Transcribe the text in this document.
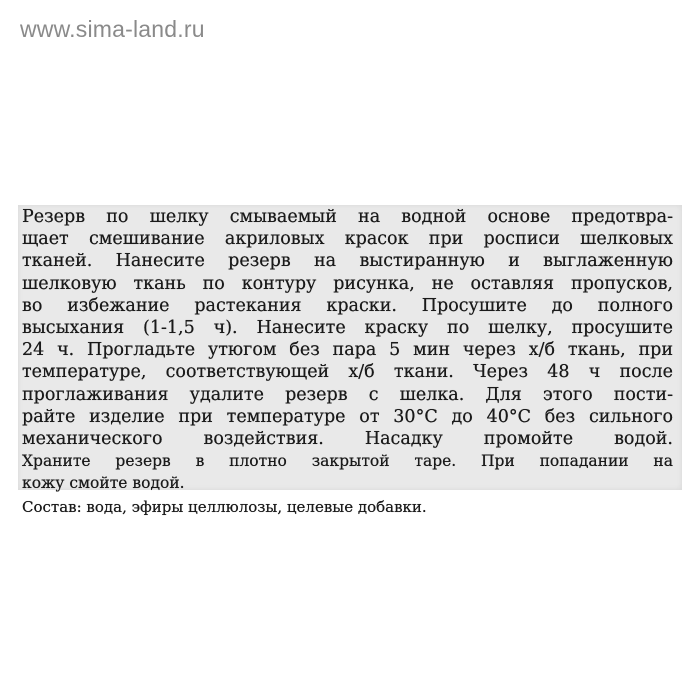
www.sima-land.ru
Резерв по шелку смываемый на водной основе предотвра-
щает смешивание акриловых красок при росписи шелковых
тканей. Нанесите резерв на выстиранную и выглаженную
шелковую ткань по контуру рисунка, не оставляя пропусков,
во избежание растекания краски. Просушите до полного
высыхания (1-1,5 ч). Нанесите краску по шелку, просушите
24 ч. Прогладьте утюгом без пара 5 мин через х/б ткань, при
температуре, соответствующей х/б ткани. Через 48 ч после
проглаживания удалите резерв с шелка. Для этого пости-
райте изделие при температуре от 30°С до 40°С без сильного
механического воздействия. Насадку промойте водой.
Храните резерв в плотно закрытой таре. При попадании на
кожу смойте водой.
Состав: вода, эфиры целлюлозы, целевые добавки.
